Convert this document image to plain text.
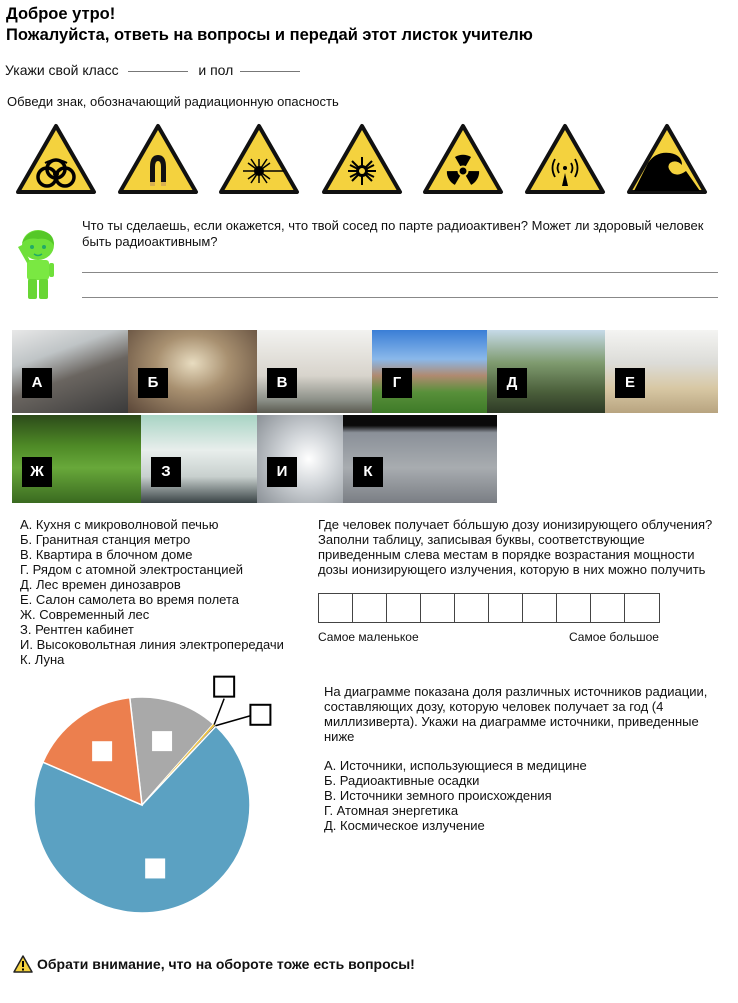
Доброе утро!
Пожалуйста, ответь на вопросы и передай этот листок учителю
Укажи свой класс	и пол
Обведи знак, обозначающий радиационную опасность
Что ты сделаешь, если окажется, что твой сосед по парте радиоактивен? Может ли здоровый человек быть радиоактивным?
А	Б	В	Г	Д	Е
Ж	З	И	К
А. Кухня с микроволновой печью
Б. Гранитная станция метро
В. Квартира в блочном доме
Г. Рядом с атомной электростанцией
Д. Лес времен динозавров
Е. Салон самолета во время полета
Ж. Современный лес
З. Рентген кабинет
И. Высоковольтная линия электропередачи
К. Луна
Где человек получает бо́льшую дозу ионизирующего облучения?
Заполни таблицу, записывая буквы, соответствующие приведенным слева местам в порядке возрастания мощности дозы ионизирующего излучения, которую в них можно получить
Самое маленькое	Самое большое
На диаграмме показана доля различных источников радиации, составляющих дозу, которую человек получает за год (4 миллизиверта). Укажи на диаграмме источники, приведенные ниже
А. Источники, использующиеся в медицине
Б. Радиоактивные осадки
В. Источники земного происхождения
Г. Атомная энергетика
Д. Космическое излучение
Обрати внимание, что на обороте тоже есть вопросы!
